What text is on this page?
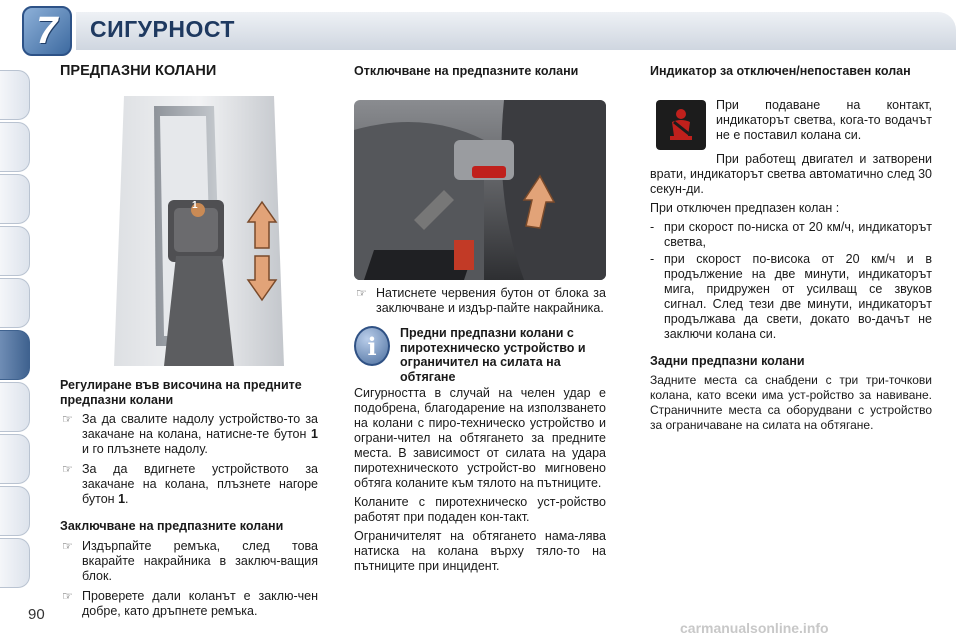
7	СИГУРНОСТ
ПРЕДПАЗНИ КОЛАНИ
1
Регулиране във височина на предните предпазни колани
☞ За да свалите надолу устройство-то за закачане на колана, натисне-те бутон 1 и го плъзнете надолу.
☞ За да вдигнете устройството за закачане на колана, плъзнете нагоре бутон 1.
Заключване на предпазните колани
☞ Издърпайте ремъка, след това вкарайте накрайника в заключ-ващия блок.
☞ Проверете дали коланът е заклю-чен добре, като дръпнете ремъка.
Отключване на предпазните колани
☞ Натиснете червения бутон от блока за заключване и издър-пайте накрайника.
i	Предни предпазни колани с пиротехническо устройство и ограничител на силата на обтягане

Сигурността в случай на челен удар е подобрена, благодарение на използването на колани с пиро-техническо устройство и ограни-чител на обтягането за предните места. В зависимост от силата на удара пиротехническото устройст-во мигновено обтяга коланите към тялото на пътниците.

Коланите с пиротехническо уст-ройство работят при подаден кон-такт.

Ограничителят на обтягането нама-лява натиска на колана върху тяло-то на пътниците при инцидент.

Индикатор за отключен/непоставен колан

При подаване на контакт, индикаторът светва, кога-то водачът не е поставил колана си.

При работещ двигател и затворени врати, индикаторът светва автоматично след 30 секун-ди.

При отключен предпазен колан :

- при скорост по-ниска от 20 км/ч, индикаторът светва,
- при скорост по-висока от 20 км/ч и в продължение на две минути, индикаторът мига, придружен от усилващ се звуков сигнал. След тези две минути, индикаторът продължава да свети, докато во-дачът не заключи колана си.
Задни предпазни колани

Задните места са снабдени с три три-точкови колана, като всеки има уст-ройство за навиване. Страничните места са оборудвани с устройство за ограничаване на силата на обтягане.

90
carmanualsonline.info
